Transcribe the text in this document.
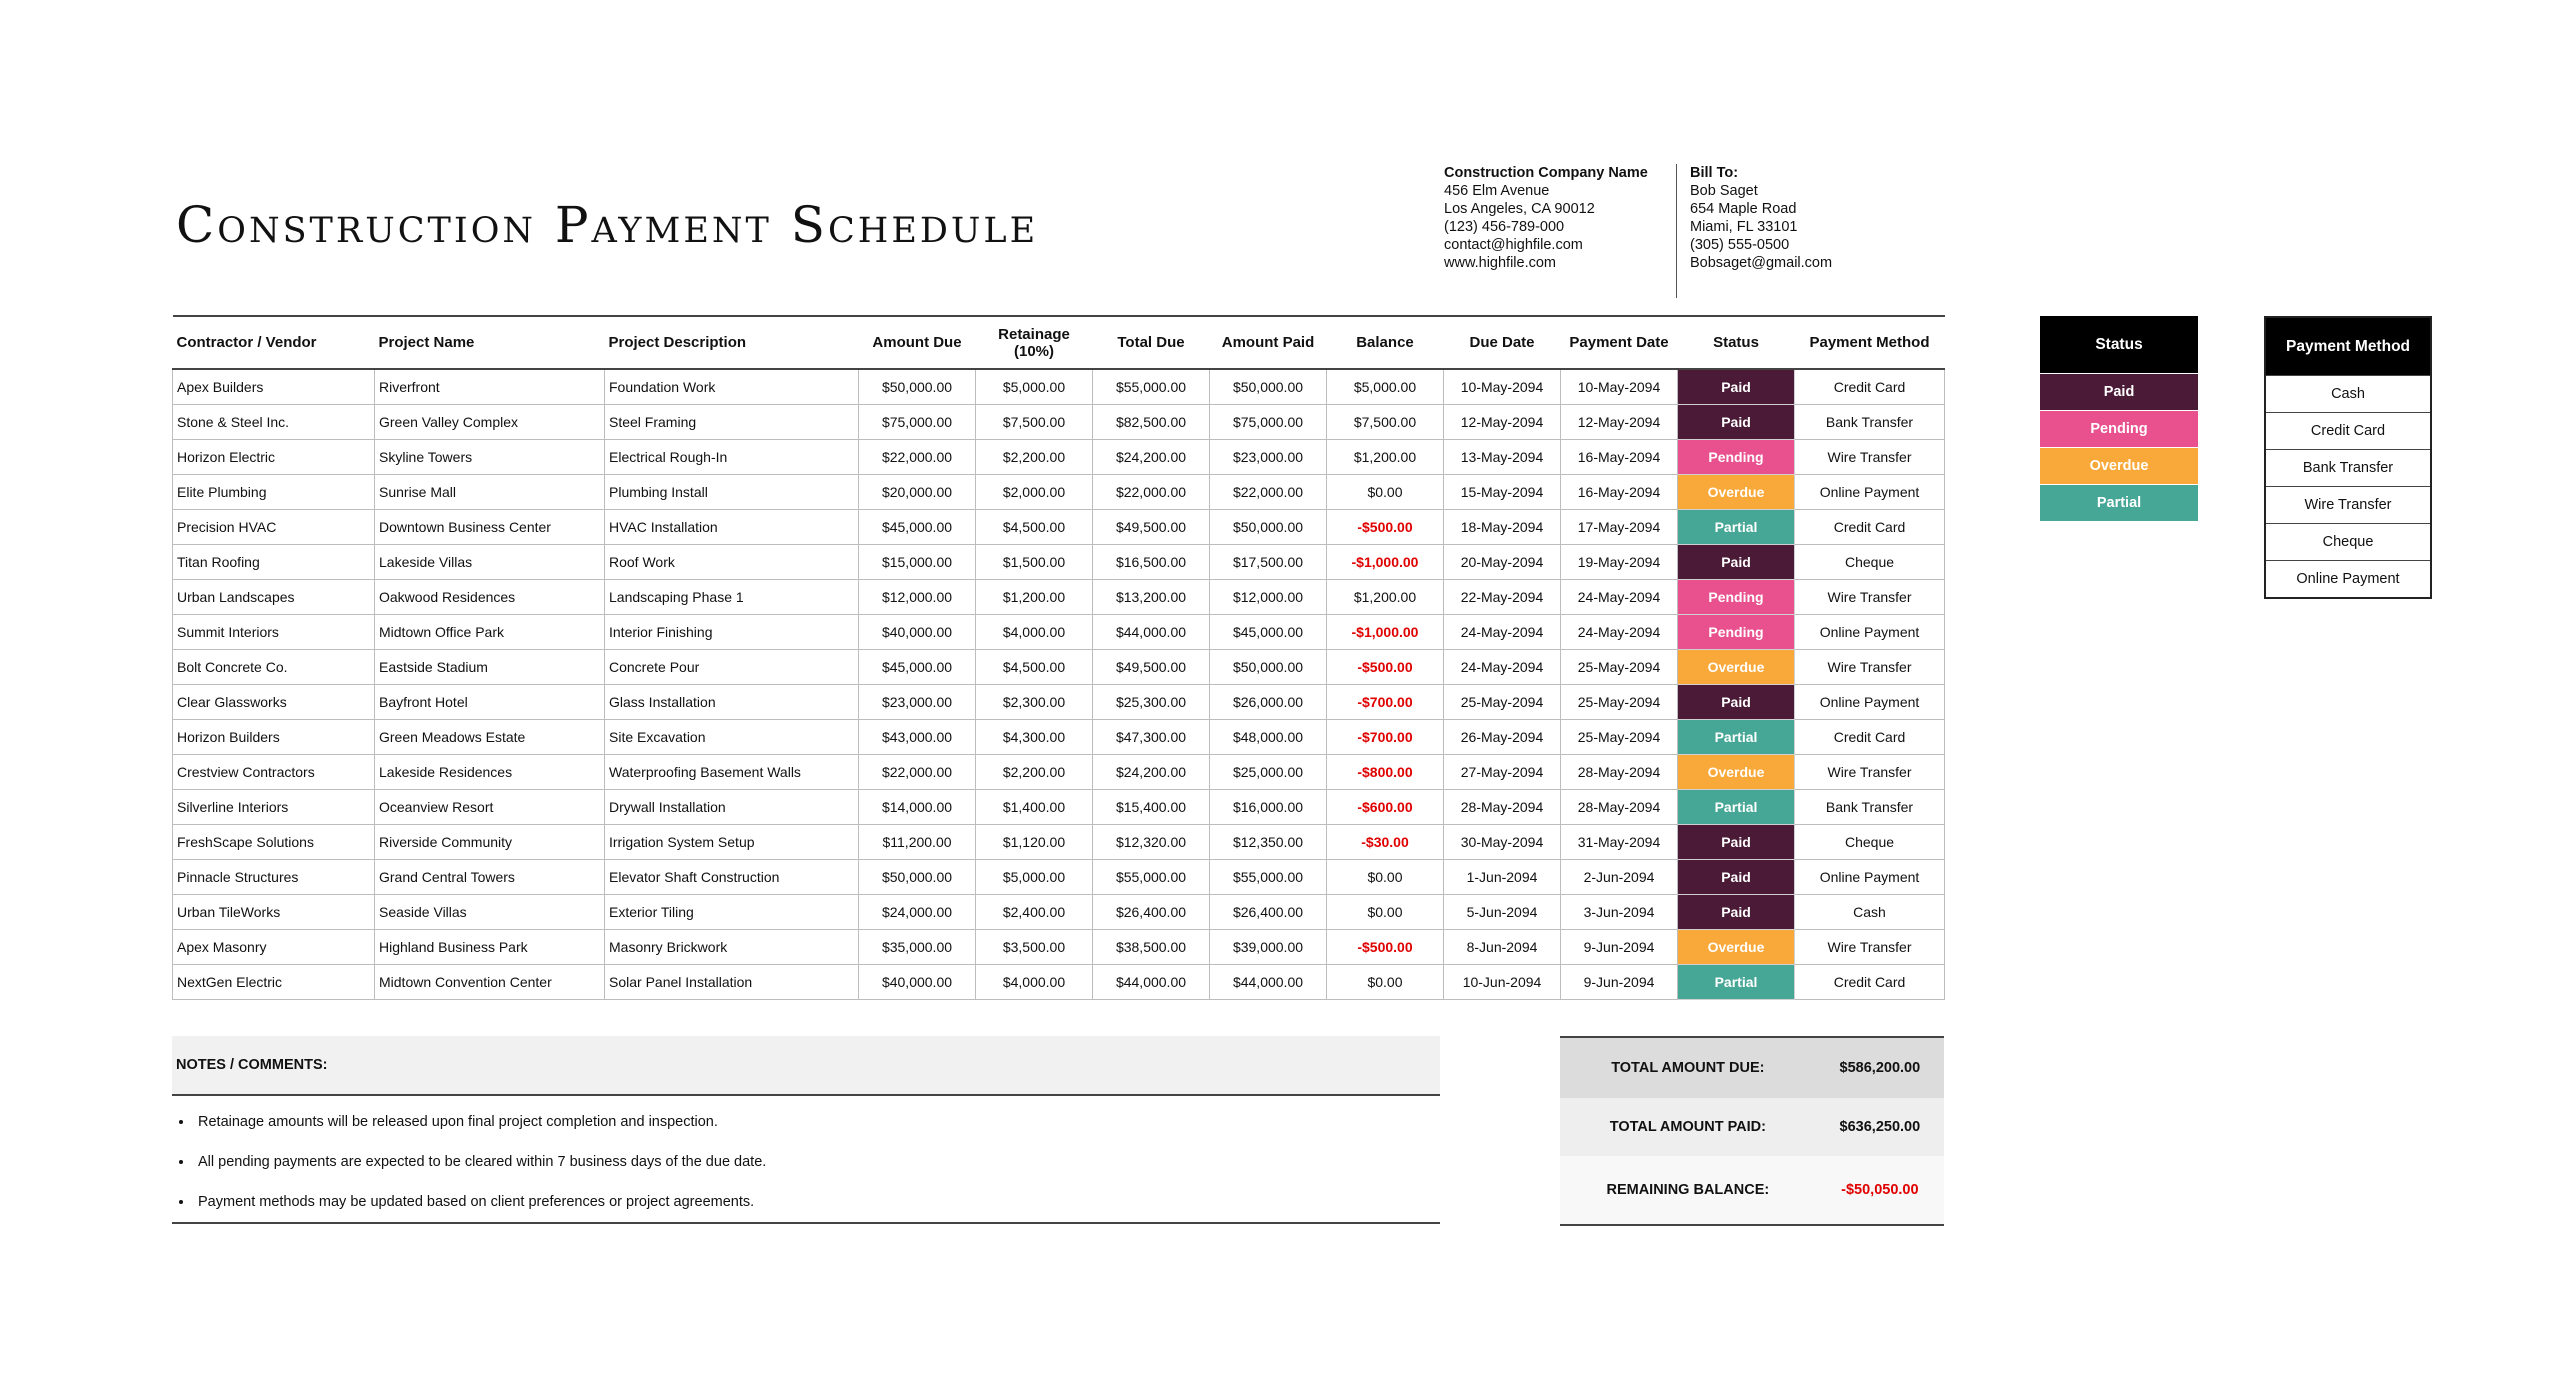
Construction Payment Schedule
Construction Company Name
456 Elm Avenue
Los Angeles, CA 90012
(123) 456-789-000
contact@highfile.com
www.highfile.com
Bill To:
Bob Saget
654 Maple Road
Miami, FL 33101
(305) 555-0500
Bobsaget@gmail.com
Contractor / Vendor	Project Name	Project Description	Amount Due	Retainage (10%)	Total Due	Amount Paid	Balance	Due Date	Payment Date	Status	Payment Method
Apex Builders	Riverfront	Foundation Work	$50,000.00	$5,000.00	$55,000.00	$50,000.00	$5,000.00	10-May-2094	10-May-2094	Paid	Credit Card
Stone & Steel Inc.	Green Valley Complex	Steel Framing	$75,000.00	$7,500.00	$82,500.00	$75,000.00	$7,500.00	12-May-2094	12-May-2094	Paid	Bank Transfer
Horizon Electric	Skyline Towers	Electrical Rough-In	$22,000.00	$2,200.00	$24,200.00	$23,000.00	$1,200.00	13-May-2094	16-May-2094	Pending	Wire Transfer
Elite Plumbing	Sunrise Mall	Plumbing Install	$20,000.00	$2,000.00	$22,000.00	$22,000.00	$0.00	15-May-2094	16-May-2094	Overdue	Online Payment
Precision HVAC	Downtown Business Center	HVAC Installation	$45,000.00	$4,500.00	$49,500.00	$50,000.00	-$500.00	18-May-2094	17-May-2094	Partial	Credit Card
Titan Roofing	Lakeside Villas	Roof Work	$15,000.00	$1,500.00	$16,500.00	$17,500.00	-$1,000.00	20-May-2094	19-May-2094	Paid	Cheque
Urban Landscapes	Oakwood Residences	Landscaping Phase 1	$12,000.00	$1,200.00	$13,200.00	$12,000.00	$1,200.00	22-May-2094	24-May-2094	Pending	Wire Transfer
Summit Interiors	Midtown Office Park	Interior Finishing	$40,000.00	$4,000.00	$44,000.00	$45,000.00	-$1,000.00	24-May-2094	24-May-2094	Pending	Online Payment
Bolt Concrete Co.	Eastside Stadium	Concrete Pour	$45,000.00	$4,500.00	$49,500.00	$50,000.00	-$500.00	24-May-2094	25-May-2094	Overdue	Wire Transfer
Clear Glassworks	Bayfront Hotel	Glass Installation	$23,000.00	$2,300.00	$25,300.00	$26,000.00	-$700.00	25-May-2094	25-May-2094	Paid	Online Payment
Horizon Builders	Green Meadows Estate	Site Excavation	$43,000.00	$4,300.00	$47,300.00	$48,000.00	-$700.00	26-May-2094	25-May-2094	Partial	Credit Card
Crestview Contractors	Lakeside Residences	Waterproofing Basement Walls	$22,000.00	$2,200.00	$24,200.00	$25,000.00	-$800.00	27-May-2094	28-May-2094	Overdue	Wire Transfer
Silverline Interiors	Oceanview Resort	Drywall Installation	$14,000.00	$1,400.00	$15,400.00	$16,000.00	-$600.00	28-May-2094	28-May-2094	Partial	Bank Transfer
FreshScape Solutions	Riverside Community	Irrigation System Setup	$11,200.00	$1,120.00	$12,320.00	$12,350.00	-$30.00	30-May-2094	31-May-2094	Paid	Cheque
Pinnacle Structures	Grand Central Towers	Elevator Shaft Construction	$50,000.00	$5,000.00	$55,000.00	$55,000.00	$0.00	1-Jun-2094	2-Jun-2094	Paid	Online Payment
Urban TileWorks	Seaside Villas	Exterior Tiling	$24,000.00	$2,400.00	$26,400.00	$26,400.00	$0.00	5-Jun-2094	3-Jun-2094	Paid	Cash
Apex Masonry	Highland Business Park	Masonry Brickwork	$35,000.00	$3,500.00	$38,500.00	$39,000.00	-$500.00	8-Jun-2094	9-Jun-2094	Overdue	Wire Transfer
NextGen Electric	Midtown Convention Center	Solar Panel Installation	$40,000.00	$4,000.00	$44,000.00	$44,000.00	$0.00	10-Jun-2094	9-Jun-2094	Partial	Credit Card
Status
Paid
Pending
Overdue
Partial
Payment Method
Cash
Credit Card
Bank Transfer
Wire Transfer
Cheque
Online Payment
NOTES / COMMENTS:
• Retainage amounts will be released upon final project completion and inspection.
• All pending payments are expected to be cleared within 7 business days of the due date.
• Payment methods may be updated based on client preferences or project agreements.
TOTAL AMOUNT DUE:	$586,200.00
TOTAL AMOUNT PAID:	$636,250.00
REMAINING BALANCE:	-$50,050.00
